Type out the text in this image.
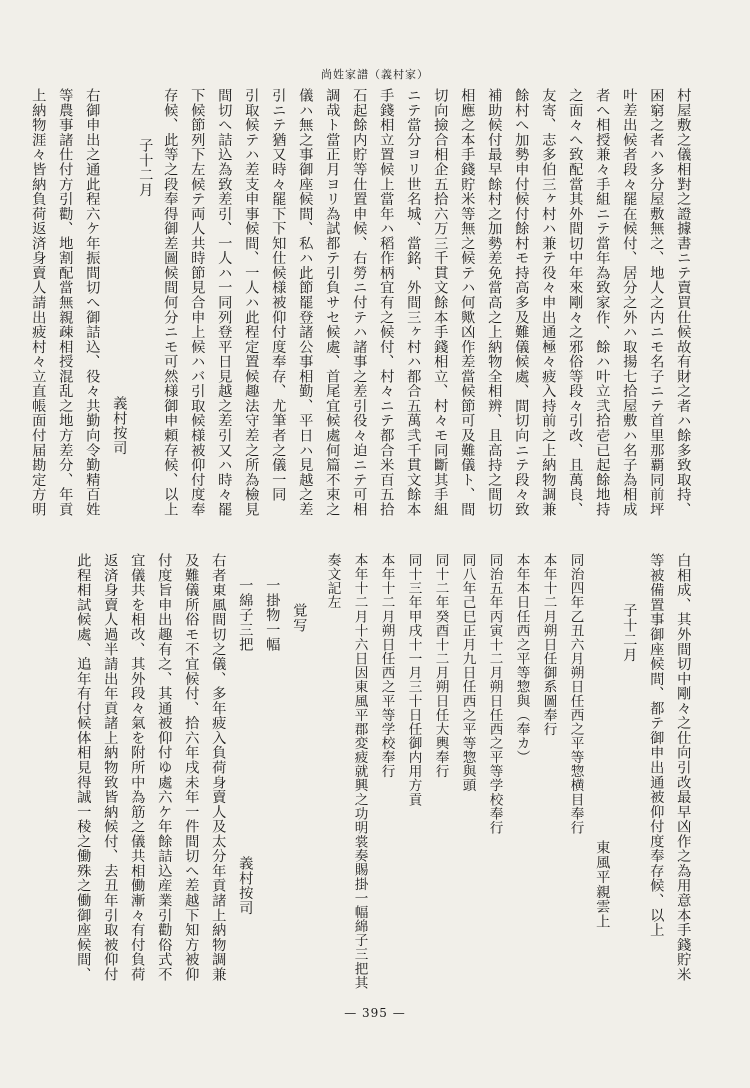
尚姓家譜（義村家）
村屋敷之儀相對之證據書ニテ賣買仕候故有財之者ハ餘多致取持、
困窮之者ハ多分屋敷無之、地人之内ニモ名子ニテ首里那覇同前坪
叶差出候者段々罷在候付、居分之外ハ取揚七拾屋敷ハ名子為相成
者へ相授兼々手組ニテ當年為致家作、餘ハ叶立弐拾壱已起餘地持
之面々へ致配當其外間切中年來剛々之邪俗等段々引改、且萬良、
友寄、志多伯三ヶ村ハ兼テ役々申出通極々疲入持前之上納物調兼
餘村へ加勢申付候付餘村モ持高多及難儀候處、間切向ニテ段々致
補助候付最早餘村之加勢差免當高之上納物全相辨、且高持之間切
相應之本手錢貯米等無之候テハ何歟凶作差當候節可及難儀ト、間
切向撿合相企五拾六万三千貫文餘本手錢相立、村々モ同斷其手組
ニテ當分ヨリ世名城、當銘、外間三ヶ村ハ都合五萬弐千貫文餘本
手錢相立置候上當年ハ稻作柄宜有之候付、村々ニテ都合米百五拾
石起餘内貯等仕置申候、右勞ニ付テハ諸事之差引役々迫ニテ可相
調哉ト當正月ヨリ為試都テ引負サセ候處、首尾宜候處何篇不束之
儀ハ無之事御座候間、私ハ此節罷登諸公事相勤、平日ハ見越之差
引ニテ猶又時々罷下下知仕候様被仰付度奉存、尤筆者之儀一同
引取候テハ差支申事候間、一人ハ此程定置候趣法守差之所為檢見
間切へ詰込為致差引、一人ハ一同列登平日見越之差引又ハ時々罷
下候節列下左候テ両人共時節見合申上候ハバ引取候様被仰付度奉
存候、此等之段奉得御差圖候間何分ニモ可然様御申頼存候、以上
子十二月
義村按司
右御申出之通此程六ケ年振間切へ御詰込、役々共勤向令勤精百姓
等農事諸仕付方引勸、地割配當無親疎相授混乱之地方差分、年貢
上納物涯々皆納負荷返済身賣人請出疲村々立直帳面付届勘定方明
白相成、其外間切中剛々之仕向引改最早凶作之為用意本手錢貯米
等被備置事御座候間、都テ御申出通被仰付度奉存候、以上
子十二月
東風平親雲上
同治四年乙丑六月朔日任西之平等惣横目奉行
本年十二月朔日任御系圖奉行
本年本日任西之平等惣與（奉カ）
同治五年丙寅十二月朔日任西之平等学校奉行
同八年己巳正月九日任西之平等惣與頭
同十二年癸酉十二月朔日任大輿奉行
同十三年甲戌十一月三十日任御内用方貢
本年十二月朔日任西之平等学校奉行
本年十二月十六日因東風平郡変疲就興之功明裳奏賜掛一幅綿子三把其
奏文記左
覚写
一掛物一幅
一綿子三把
右者東風間切之儀、多年疲入負荷身賣人及太分年貢諸上納物調兼
及難儀所俗モ不宜候付、拾六年戌未年一件間切へ差越下知方被仰
付度旨申出趣有之、其通被仰付ゆ處六ケ年餘詰込産業引勸俗式不
宜儀共を相改、其外段々氣を附所中為筋之儀共相働漸々有付負荷
返済身賣人過半請出年貢諸上納物致皆納候付、去丑年引取被仰付
此程相試候處、追年有付候体相見得誠一稜之働殊之働御座候間、	義村按司
— 395 —
